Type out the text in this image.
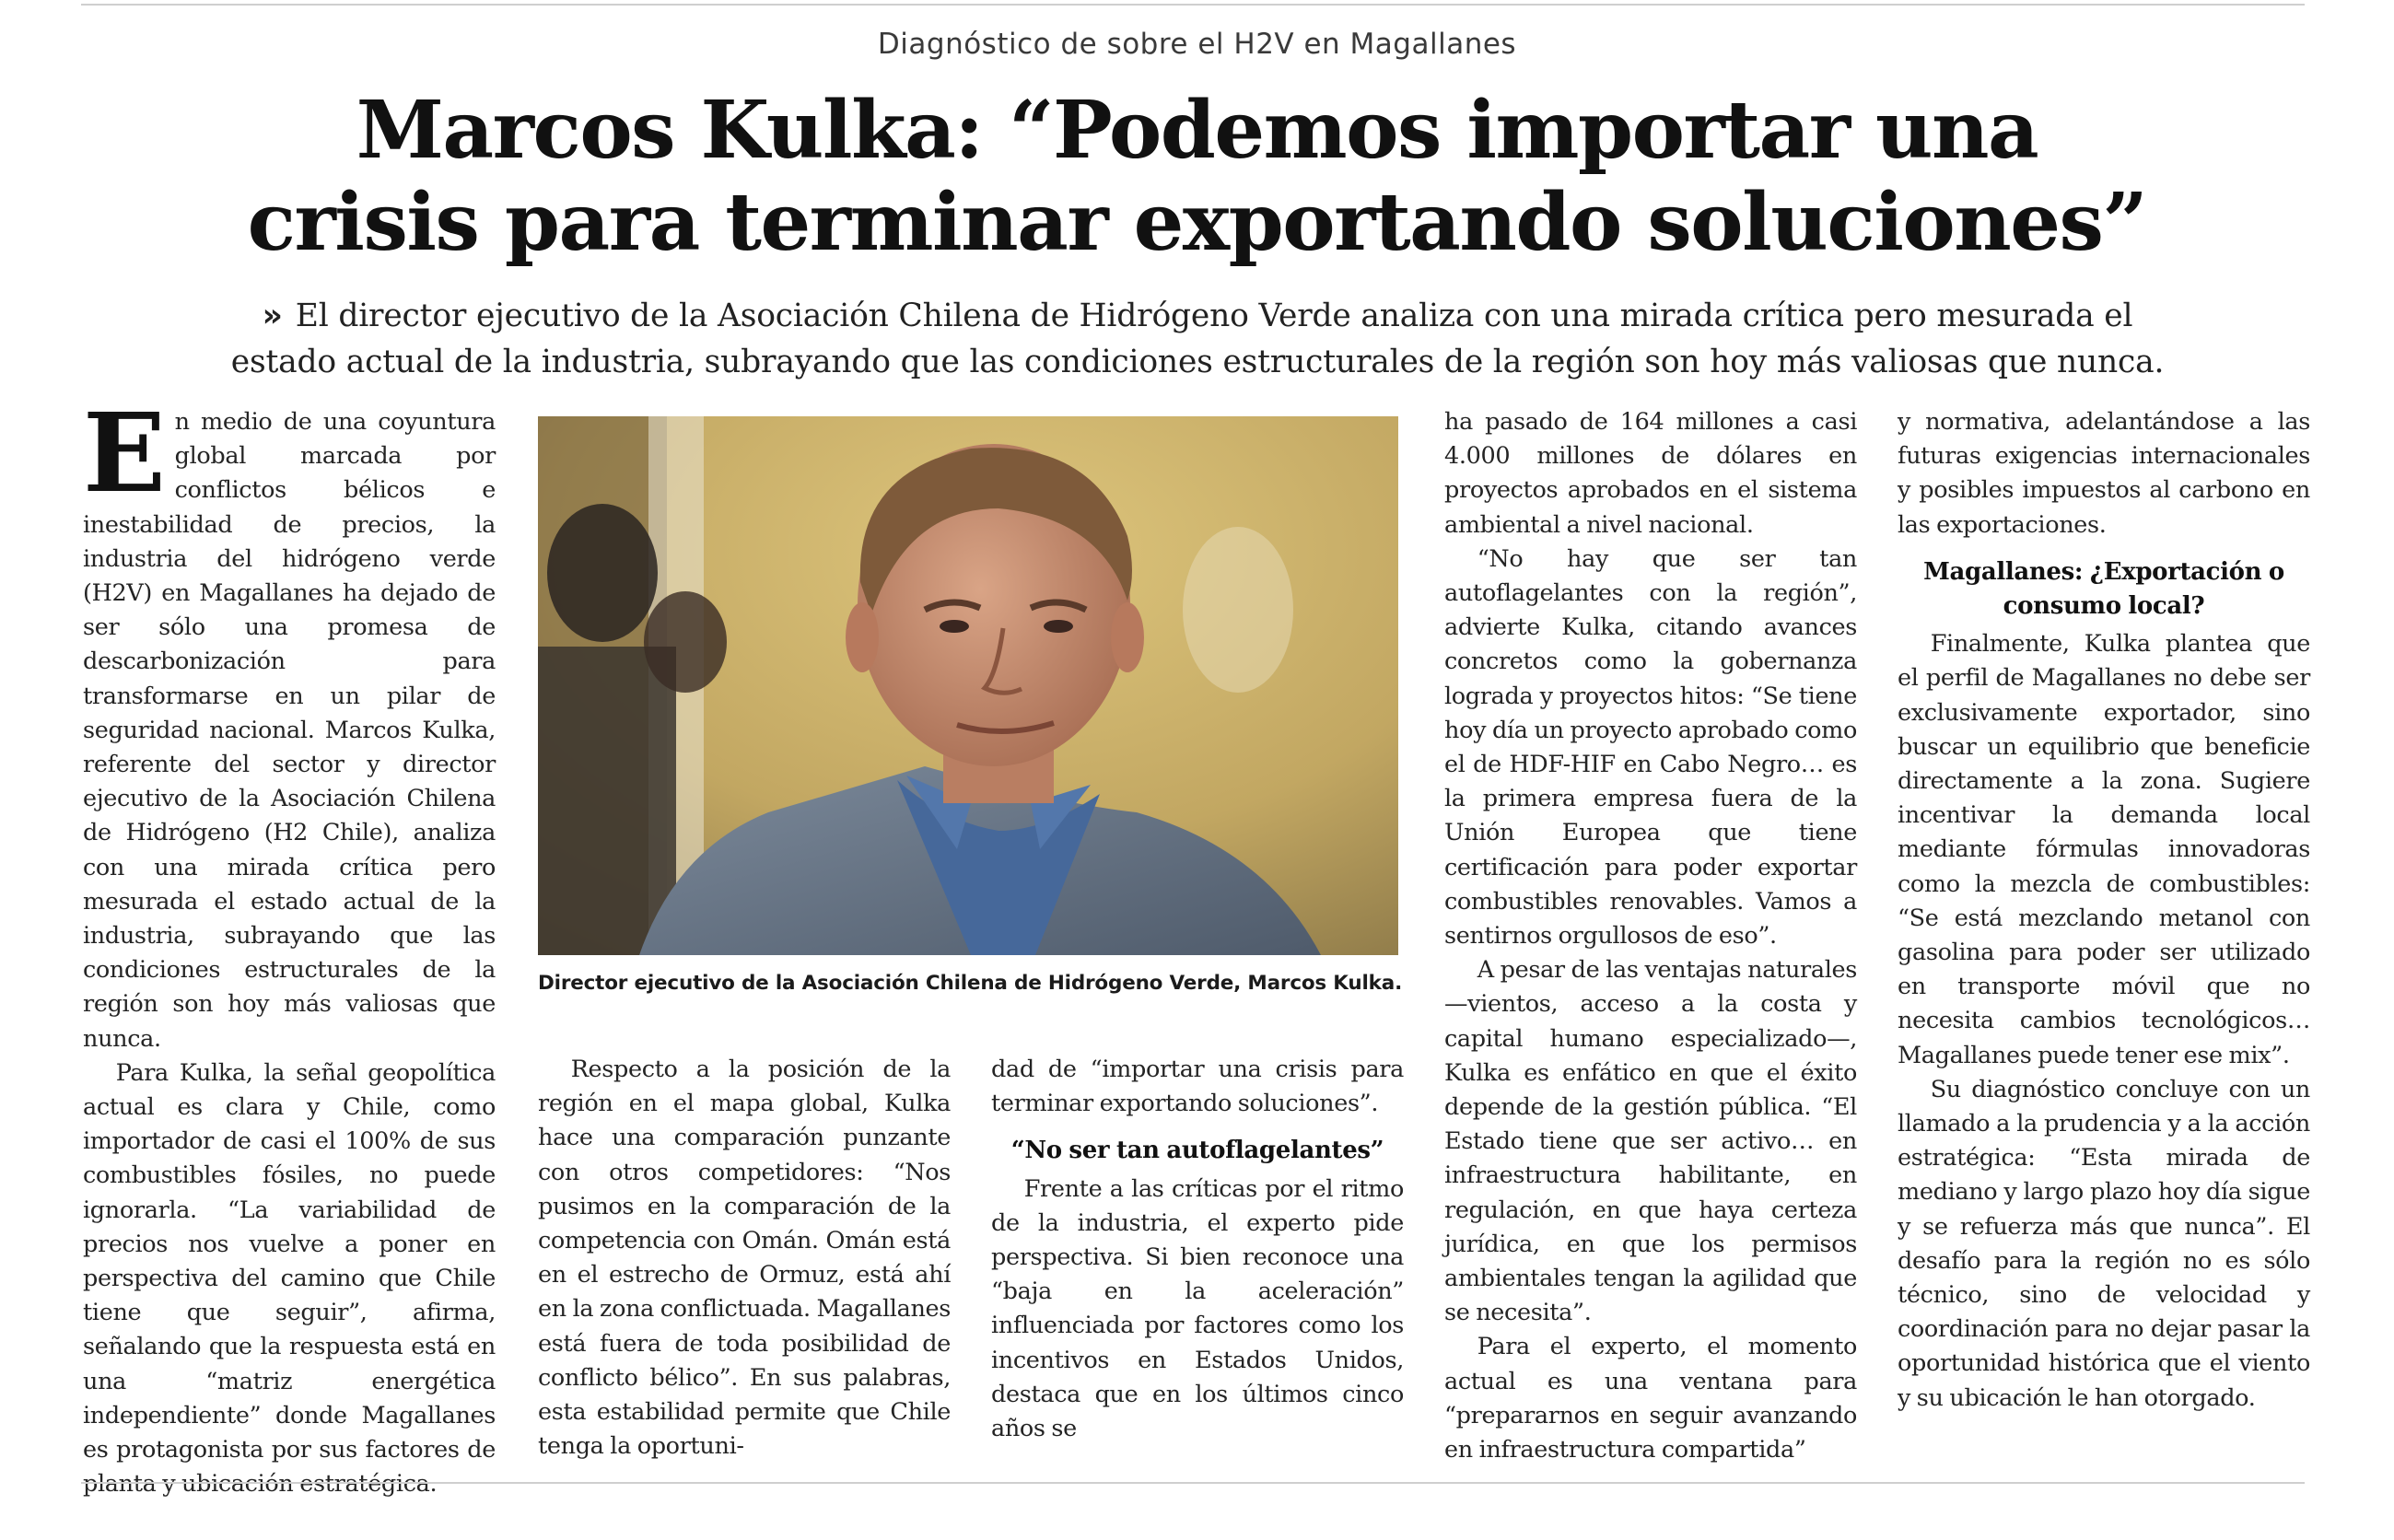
Diagnóstico de sobre el H2V en Magallanes
Marcos Kulka: “Podemos importar una
crisis para terminar exportando soluciones”
» El director ejecutivo de la Asociación Chilena de Hidrógeno Verde analiza con una mirada crítica pero mesurada el estado actual de la industria, subrayando que las condiciones estructurales de la región son hoy más valiosas que nunca.

En medio de una coyuntura global marcada por conflictos bélicos e inestabilidad de precios, la industria del hidrógeno verde (H2V) en Magallanes ha dejado de ser sólo una promesa de descarbonización para transformarse en un pilar de seguridad nacional. Marcos Kulka, referente del sector y director ejecutivo de la Asociación Chilena de Hidrógeno (H2 Chile), analiza con una mirada crítica pero mesurada el estado actual de la industria, subrayando que las condiciones estructurales de la región son hoy más valiosas que nunca.

Para Kulka, la señal geopolítica actual es clara y Chile, como importador de casi el 100% de sus combustibles fósiles, no puede ignorarla. “La variabilidad de precios nos vuelve a poner en perspectiva del camino que Chile tiene que seguir”, afirma, señalando que la respuesta está en una “matriz energética independiente” donde Magallanes es protagonista por sus factores de planta y ubicación estratégica.

Director ejecutivo de la Asociación Chilena de Hidrógeno Verde, Marcos Kulka.

Respecto a la posición de la región en el mapa global, Kulka hace una comparación punzante con otros competidores: “Nos pusimos en la comparación de la competencia con Omán. Omán está en el estrecho de Ormuz, está ahí en la zona conflictuada. Magallanes está fuera de toda posibilidad de conflicto bélico”. En sus palabras, esta estabilidad permite que Chile tenga la oportuni-

dad de “importar una crisis para terminar exportando soluciones”.

“No ser tan autoflagelantes”

Frente a las críticas por el ritmo de la industria, el experto pide perspectiva. Si bien reconoce una “baja en la aceleración” influenciada por factores como los incentivos en Estados Unidos, destaca que en los últimos cinco años se

ha pasado de 164 millones a casi 4.000 millones de dólares en proyectos aprobados en el sistema ambiental a nivel nacional.

“No hay que ser tan autoflagelantes con la región”, advierte Kulka, citando avances concretos como la gobernanza lograda y proyectos hitos: “Se tiene hoy día un proyecto aprobado como el de HDF-HIF en Cabo Negro… es la primera empresa fuera de la Unión Europea que tiene certificación para poder exportar combustibles renovables. Vamos a sentirnos orgullosos de eso”.

A pesar de las ventajas naturales —vientos, acceso a la costa y capital humano especializado—, Kulka es enfático en que el éxito depende de la gestión pública. “El Estado tiene que ser activo… en infraestructura habilitante, en regulación, en que haya certeza jurídica, en que los permisos ambientales tengan la agilidad que se necesita”.

Para el experto, el momento actual es una ventana para “prepararnos en seguir avanzando en infraestructura compartida”

y normativa, adelantándose a las futuras exigencias internacionales y posibles impuestos al carbono en las exportaciones.

Magallanes: ¿Exportación o consumo local?

Finalmente, Kulka plantea que el perfil de Magallanes no debe ser exclusivamente exportador, sino buscar un equilibrio que beneficie directamente a la zona. Sugiere incentivar la demanda local mediante fórmulas innovadoras como la mezcla de combustibles: “Se está mezclando metanol con gasolina para poder ser utilizado en transporte móvil que no necesita cambios tecnológicos… Magallanes puede tener ese mix”.

Su diagnóstico concluye con un llamado a la prudencia y a la acción estratégica: “Esta mirada de mediano y largo plazo hoy día sigue y se refuerza más que nunca”. El desafío para la región no es sólo técnico, sino de velocidad y coordinación para no dejar pasar la oportunidad histórica que el viento y su ubicación le han otorgado.
